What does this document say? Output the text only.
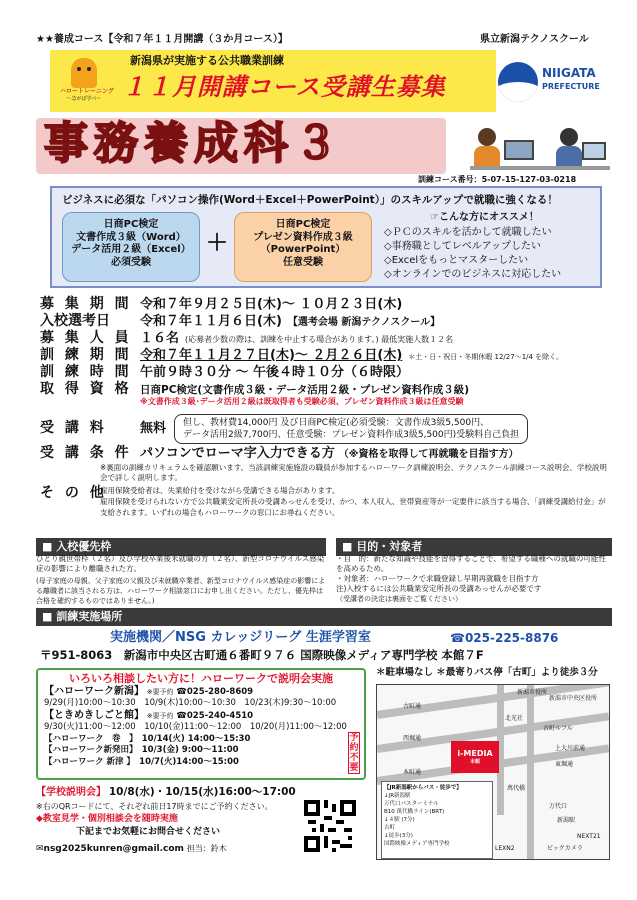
★★養成コース【令和７年１１月開講（３か月コース）】	県立新潟テクノスクール
ハロートレーニング
～急がば学べ～
新潟県が実施する公共職業訓練
１１月開講コース受講生募集	NIIGATA
PREFECTURE
事務養成科３
訓練コース番号：5-07-15-127-03-0218
ビジネスに必須な「パソコン操作(Word＋Excel＋PowerPoint）」のスキルアップで就職に強くなる！
日商PC検定
文書作成３級（Word）
データ活用２級（Excel）
必須受験
＋
日商PC検定
プレゼン資料作成３級
（PowerPoint）
任意受験
☞こんな方にオススメ！
◇ＰＣのスキルを活かして就職したい
◇事務職としてレベルアップしたい
◇Excelをもっとマスターしたい
◇オンラインでのビジネスに対応したい
募 集 期 間 令和７年９月２５日(木)～ １０月２３日(木)
入校選考日	令和７年１１月６日(木) 【選考会場 新潟テクノスクール】
募 集 人 員 １６名 (応募者少数の際は、訓練を中止する場合があります。) 最低実施人数１２名
訓 練 期 間 令和７年１１月２７日(木)～ ２月２６日(木) ＊土・日・祝日・冬期休暇 12/27～1/4 を除く。
訓 練 時 間 午前９時３０分 ～ 午後４時１０分（６時限）
取 得 資 格 日商PC検定(文書作成３級・データ活用２級・プレゼン資料作成３級)
※文書作成３級･データ活用２級は既取得者も受験必須、プレゼン資料作成３級は任意受験
受 講 料	無料 但し、教材費14,000円 及び日商PC検定(必須受験：文書作成3級5,500円、
データ活用2級7,700円、任意受験：プレゼン資料作成3級5,500円)受験料自己負担
受 講 条 件 パソコンでローマ字入力できる方 （※資格を取得して再就職を目指す方）
※裏面の訓練カリキュラムを確認願います。当該訓練実施施設の職員が参加するハローワーク訓練説明会、テクノスクール訓練コース説明会、学校説明会で詳しく説明します。
そ の 他
雇用保険受給者は、失業給付を受けながら受講できる場合があります。
雇用保険を受けられない方で公共職業安定所長の受講あっせんを受け、かつ、本人収入、世帯資産等が一定要件に該当する場合、「訓練受講給付金」が支給されます。いずれの場合もハローワークの窓口にお尋ねください。
■ 入校優先枠
ひとり親世帯枠（２名）及び学校卒業後未就職の方（２名）、新型コロナウイルス感染症の影響により離職された方。
(母子家庭の母親、父子家庭の父親及び未就職卒業者、新型コロナウイルス感染症の影響による離職者に該当される方は、ハローワーク相談窓口にお申し出ください。ただし、優先枠は合格を確約するものではありません。)
■ 目的・対象者
・目　的：新たな知識や技能を習得することで、希望する職種への就職の可能性を高めるため。
・対象者：ハローワークで求職登録し早期再就職を目指す方
注)入校するには公共職業安定所長の受講あっせんが必要です
（受講者の決定は裏面をご覧ください）
■ 訓練実施場所
実施機関／NSG カレッジリーグ 生涯学習室	☎025-225-8876
〒951-8063　新潟市中央区古町通６番町９７６ 国際映像メディア専門学校 本館７F
＊駐車場なし ＊最寄りバス停「古町」より徒歩３分
いろいろ相談したい方に！ハローワークで説明会実施
【ハローワーク新潟】 ※要予約 ☎025-280-8609
9/29(月)10:00～10:30　10/9(木)10:00～10:30　10/23(木)9:30～10:00
【ときめきしごと館】 ※要予約 ☎025-240-4510
9/30(火)11:00～12:00　10/10(金)11:00～12:00　10/20(月)11:00～12:00
【ハローワーク　巻　】　10/14(火) 14:00～15:30
【ハローワーク新発田】　10/3(金) 9:00～11:00
【ハローワーク 新津 】　10/7(火)14:00～15:00
予約不要
【学校説明会】 10/8(水)・10/15(水)16:00～17:00
※右のQRコードにて、それぞれ前日17時までにご予約ください。
◆教室見学・個別相談会を随時実施
下記までお気軽にお問合せください
✉nsg2025kunren@gmail.com 担当：鈴木
i-MEDIA
本館
新潟市役所
古町通
新潟市中央区役所
北光社
西堀通
古町ルフル
本町通
上大川前通
東堀通
萬代橋
【JR新潟駅からバス・徒歩で】
↓JR新潟駅
万代口バスターミナル
B10 萬代橋ライン(BRT)
↓４駅 (7分)
古町
↓徒歩(3分)
国際映像メディア専門学校
万代口
新潟駅
LEXN2	ビックカメラ
NEXT21
